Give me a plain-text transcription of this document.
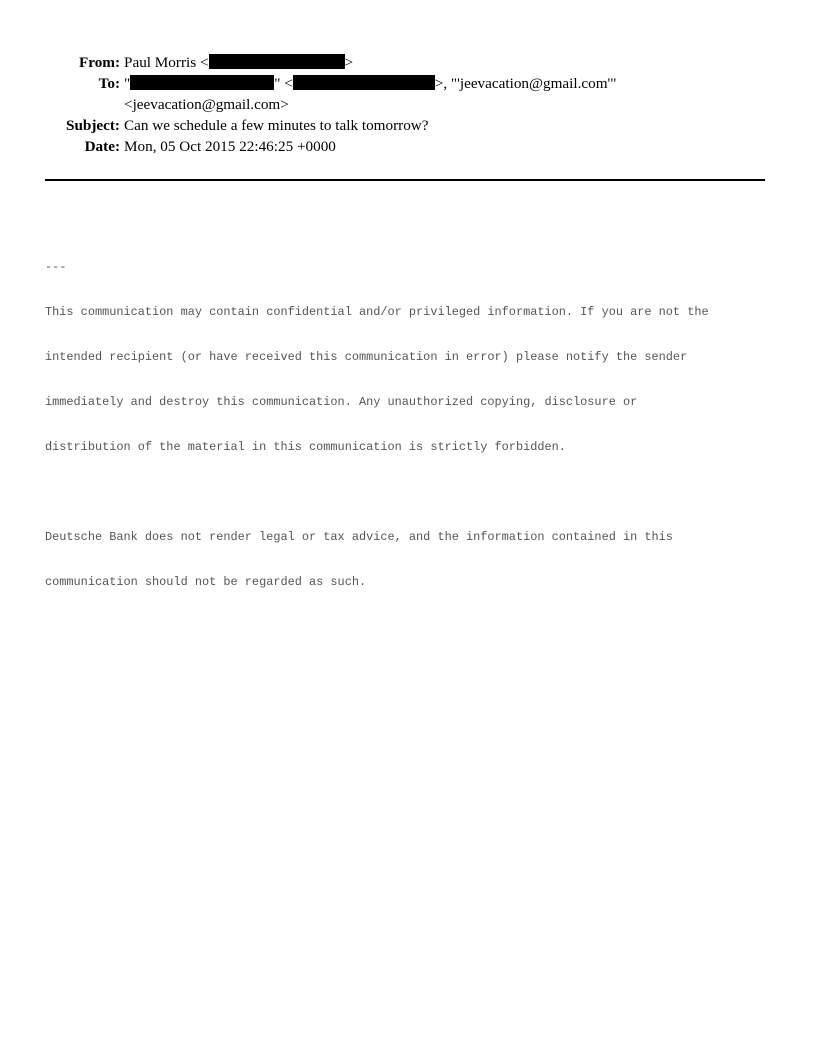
From: Paul Morris <	>
To: "	" <	>, "'jeevacation@gmail.com'"
<jeevacation@gmail.com>
Subject: Can we schedule a few minutes to talk tomorrow?
Date: Mon, 05 Oct 2015 22:46:25 +0000

---

This communication may contain confidential and/or privileged information. If you are not the

intended recipient (or have received this communication in error) please notify the sender

immediately and destroy this communication. Any unauthorized copying, disclosure or

distribution of the material in this communication is strictly forbidden.

Deutsche Bank does not render legal or tax advice, and the information contained in this

communication should not be regarded as such.
